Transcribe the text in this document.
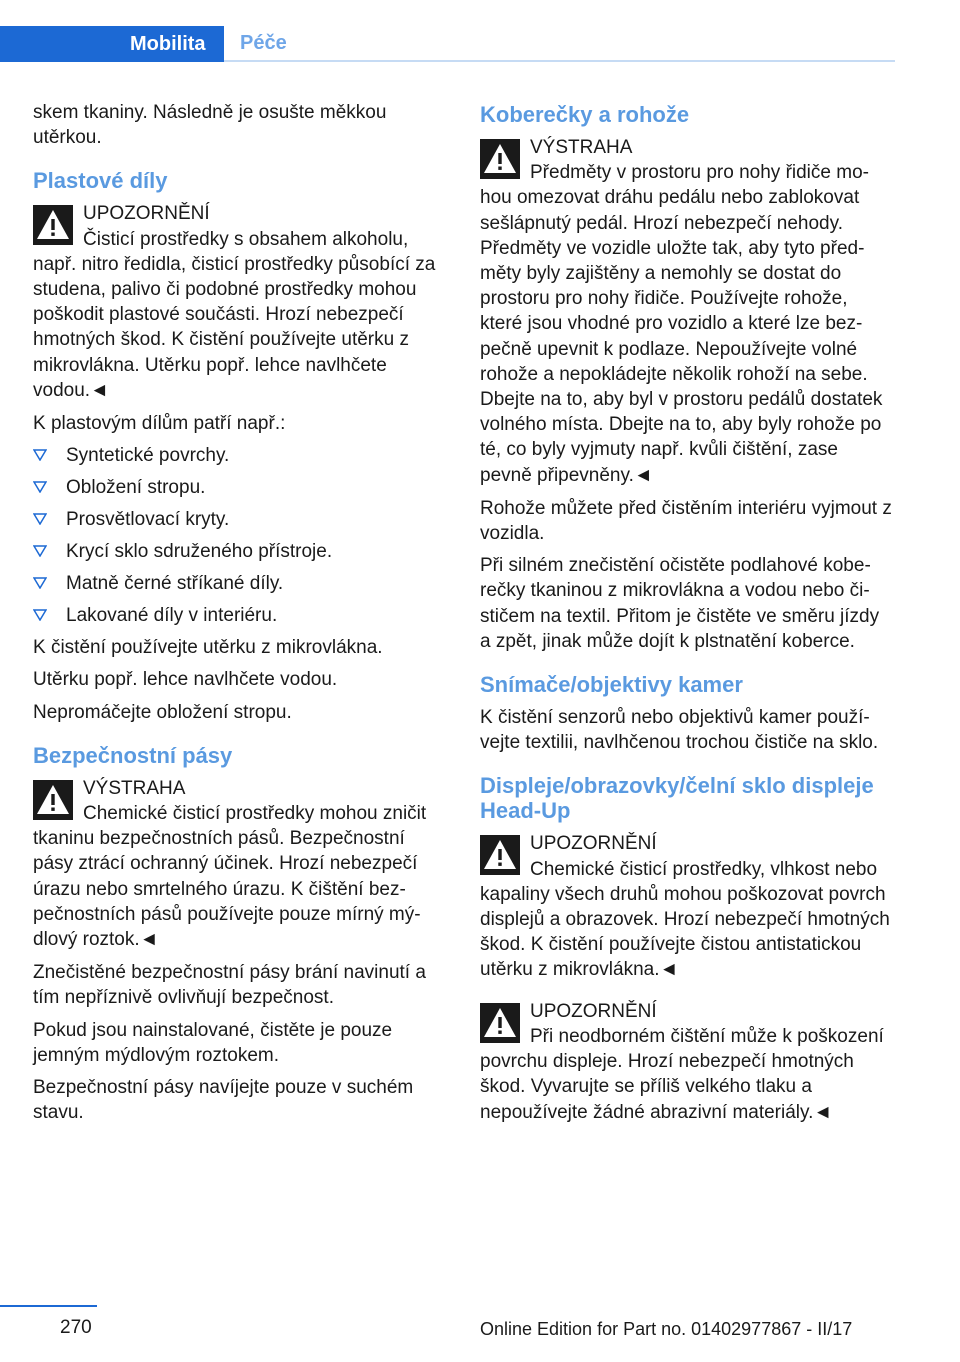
Mobilita Péče

skem tkaniny. Následně je osušte měkkou utěrkou.

Plastové díly
UPOZORNĚNÍ
Čisticí prostředky s obsahem alkoholu, např. nitro ředidla, čisticí prostředky působící za studena, palivo či podobné prostředky mohou poškodit plastové součásti. Hrozí nebezpečí hmotných škod. K čistění používejte utěrku z mikrovlákna. Utěrku popř. lehce navlhčete vodou.◄

K plastovým dílům patří např.:

Syntetické povrchy.
Obložení stropu.
Prosvětlovací kryty.
Krycí sklo sdruženého přístroje.
Matně černé stříkané díly.
Lakované díly v interiéru.

K čistění používejte utěrku z mikrovlákna.

Utěrku popř. lehce navlhčete vodou.

Nepromáčejte obložení stropu.

Bezpečnostní pásy
VÝSTRAHA
Chemické čisticí prostředky mohou zničit tkaninu bezpečnostních pásů. Bezpečnostní pásy ztrácí ochranný účinek. Hrozí nebezpečí úrazu nebo smrtelného úrazu. K čištění bezpečnostních pásů používejte pouze mírný mýdlový roztok.◄

Znečistěné bezpečnostní pásy brání navinutí a tím nepříznivě ovlivňují bezpečnost.

Pokud jsou nainstalované, čistěte je pouze jemným mýdlovým roztokem.

Bezpečnostní pásy navíjejte pouze v suchém stavu.

Koberečky a rohože
VÝSTRAHA
Předměty v prostoru pro nohy řidiče mohou omezovat dráhu pedálu nebo zablokovat sešlápnutý pedál. Hrozí nebezpečí nehody. Předměty ve vozidle uložte tak, aby tyto předměty byly zajištěny a nemohly se dostat do prostoru pro nohy řidiče. Používejte rohože, které jsou vhodné pro vozidlo a které lze bezpečně upevnit k podlaze. Nepoužívejte volné rohože a nepokládejte několik rohoží na sebe. Dbejte na to, aby byl v prostoru pedálů dostatek volného místa. Dbejte na to, aby byly rohože po té, co byly vyjmuty např. kvůli čištění, zase pevně připevněny.◄

Rohože můžete před čistěním interiéru vyjmout z vozidla.

Při silném znečistění očistěte podlahové koberečky tkaninou z mikrovlákna a vodou nebo čističem na textil. Přitom je čistěte ve směru jízdy a zpět, jinak může dojít k plstnatění koberce.

Snímače/objektivy kamer

K čistění senzorů nebo objektivů kamer používejte textilii, navlhčenou trochou čističe na sklo.

Displeje/obrazovky/čelní sklo displeje Head-Up
UPOZORNĚNÍ
Chemické čisticí prostředky, vlhkost nebo kapaliny všech druhů mohou poškozovat povrch displejů a obrazovek. Hrozí nebezpečí hmotných škod. K čistění používejte čistou antistatickou utěrku z mikrovlákna.◄
UPOZORNĚNÍ
Při neodborném čištění může k poškození povrchu displeje. Hrozí nebezpečí hmotných škod. Vyvarujte se příliš velkého tlaku a nepoužívejte žádné abrazivní materiály.◄
270	Online Edition for Part no. 01402977867 - II/17
